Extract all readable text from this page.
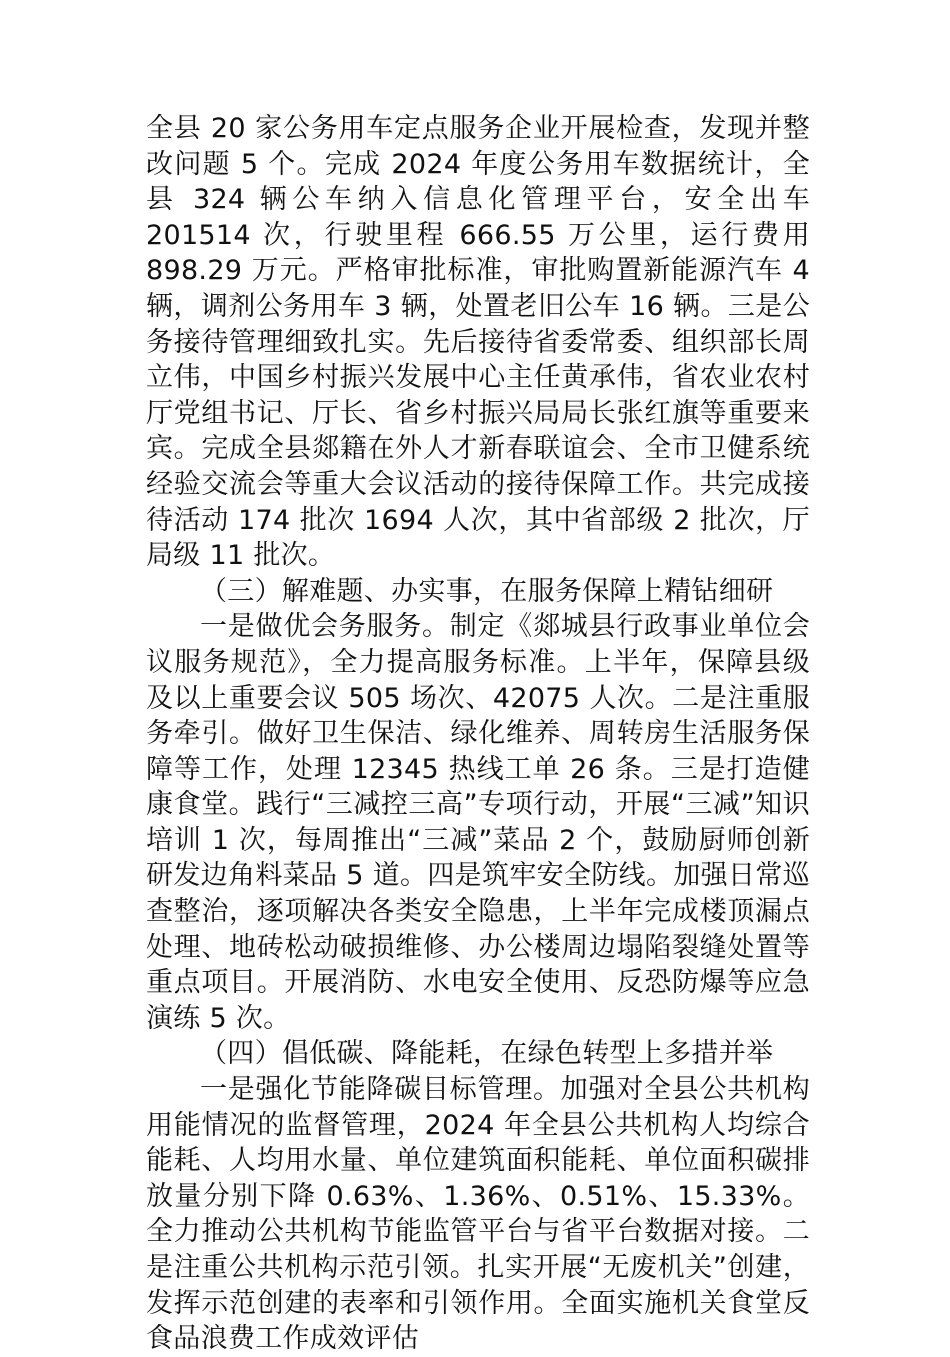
全县 20 家公务用车定点服务企业开展检查，发现并整改问题 5 个。完成 2024 年度公务用车数据统计，全县 324 辆公车纳入信息化管理平台，安全出车 201514 次，行驶里程 666.55 万公里，运行费用 898.29 万元。严格审批标准，审批购置新能源汽车 4 辆，调剂公务用车 3 辆，处置老旧公车 16 辆。三是公务接待管理细致扎实。先后接待省委常委、组织部长周立伟，中国乡村振兴发展中心主任黄承伟，省农业农村厅党组书记、厅长、省乡村振兴局局长张红旗等重要来宾。完成全县郯籍在外人才新春联谊会、全市卫健系统经验交流会等重大会议活动的接待保障工作。共完成接待活动 174 批次 1694 人次，其中省部级 2 批次，厅局级 11 批次。

（三）解难题、办实事，在服务保障上精钻细研

一是做优会务服务。制定《郯城县行政事业单位会议服务规范》，全力提高服务标准。上半年，保障县级及以上重要会议 505 场次、42075 人次。二是注重服务牵引。做好卫生保洁、绿化维养、周转房生活服务保障等工作，处理 12345 热线工单 26 条。三是打造健康食堂。践行“三减控三高”专项行动，开展“三减”知识培训 1 次，每周推出“三减”菜品 2 个，鼓励厨师创新研发边角料菜品 5 道。四是筑牢安全防线。加强日常巡查整治，逐项解决各类安全隐患，上半年完成楼顶漏点处理、地砖松动破损维修、办公楼周边塌陷裂缝处置等重点项目。开展消防、水电安全使用、反恐防爆等应急演练 5 次。

（四）倡低碳、降能耗，在绿色转型上多措并举

一是强化节能降碳目标管理。加强对全县公共机构用能情况的监督管理，2024 年全县公共机构人均综合能耗、人均用水量、单位建筑面积能耗、单位面积碳排放量分别下降 0.63%、1.36%、0.51%、15.33%。全力推动公共机构节能监管平台与省平台数据对接。二是注重公共机构示范引领。扎实开展“无废机关”创建，发挥示范创建的表率和引领作用。全面实施机关食堂反食品浪费工作成效评估
